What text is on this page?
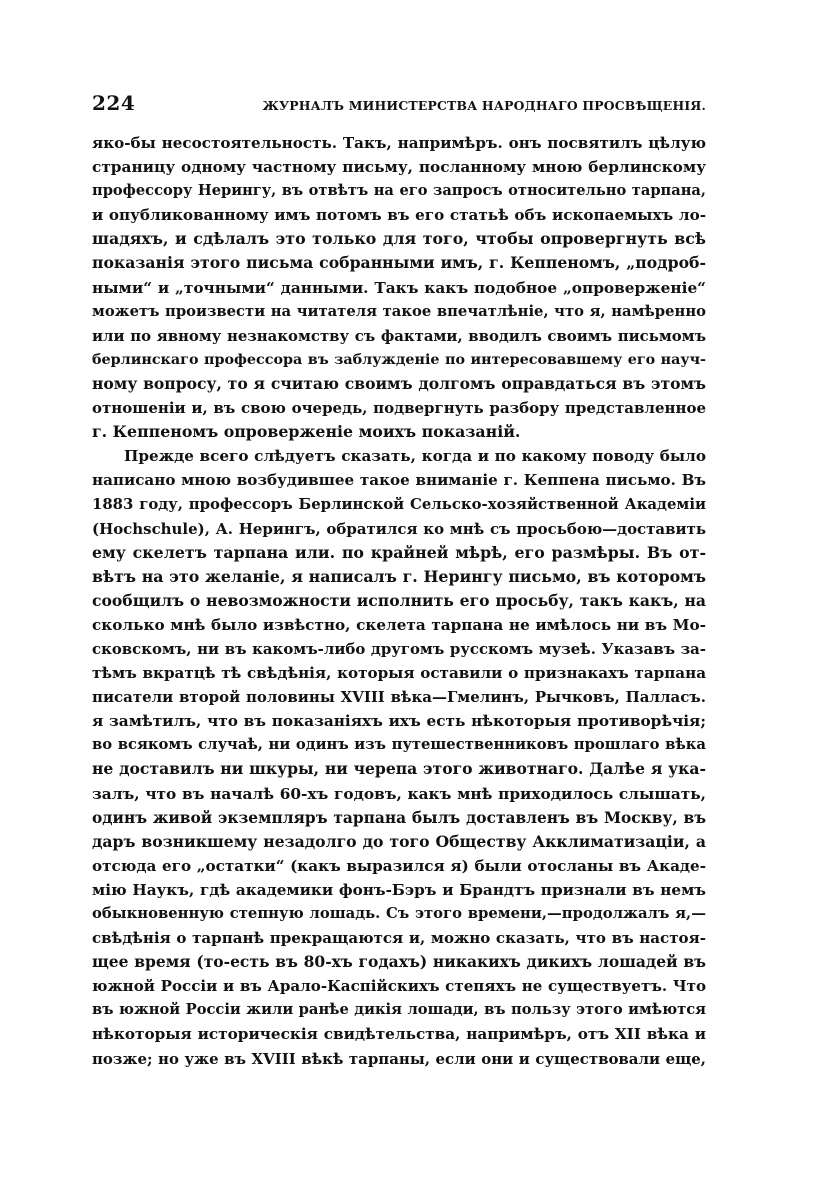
224	ЖУРНАЛЪ МИНИСТЕРСТВА НАРОДНАГО ПРОСВѢЩЕНІЯ.
яко-бы несостоятельность. Такъ, напримѣръ. онъ посвятилъ цѣлую
страницу одному частному письму, посланному мною берлинскому
профессору Нерингу, въ отвѣтъ на его запросъ относительно тарпана,
и опубликованному имъ потомъ въ его статьѣ объ ископаемыхъ ло-
шадяхъ, и сдѣлалъ это только для того, чтобы опровергнуть всѣ
показанія этого письма собранными имъ, г. Кеппеномъ, „подроб-
ными“ и „точными“ данными. Такъ какъ подобное „опроверженіе“
можетъ произвести на читателя такое впечатлѣніе, что я, намѣренно
или по явному незнакомству съ фактами, вводилъ своимъ письмомъ
берлинскаго профессора въ заблужденіе по интересовавшему его науч-
ному вопросу, то я считаю своимъ долгомъ оправдаться въ этомъ
отношеніи и, въ свою очередь, подвергнуть разбору представленное
г. Кеппеномъ опроверженіе моихъ показаній.
Прежде всего слѣдуетъ сказать, когда и по какому поводу было
написано мною возбудившее такое вниманіе г. Кеппена письмо. Въ
1883 году, профессоръ Берлинской Сельско-хозяйственной Академіи
(Hochschule), А. Нерингъ, обратился ко мнѣ съ просьбою—доставить
ему скелетъ тарпана или. по крайней мѣрѣ, его размѣры. Въ от-
вѣтъ на это желаніе, я написалъ г. Нерингу письмо, въ которомъ
сообщилъ о невозможности исполнить его просьбу, такъ какъ, на
сколько мнѣ было извѣстно, скелета тарпана не имѣлось ни въ Мо-
сковскомъ, ни въ какомъ-либо другомъ русскомъ музеѣ. Указавъ за-
тѣмъ вкратцѣ тѣ свѣдѣнія, которыя оставили о признакахъ тарпана
писатели второй половины XVIII вѣка—Гмелинъ, Рычковъ, Палласъ.
я замѣтилъ, что въ показаніяхъ ихъ есть нѣкоторыя противорѣчія;
во всякомъ случаѣ, ни одинъ изъ путешественниковъ прошлаго вѣка
не доставилъ ни шкуры, ни черепа этого животнаго. Далѣе я ука-
залъ, что въ началѣ 60-хъ годовъ, какъ мнѣ приходилось слышать,
одинъ живой экземпляръ тарпана былъ доставленъ въ Москву, въ
даръ возникшему незадолго до того Обществу Акклиматизаціи, а
отсюда его „остатки“ (какъ выразился я) были отосланы въ Акаде-
мію Наукъ, гдѣ академики фонъ-Бэръ и Брандтъ признали въ немъ
обыкновенную степную лошадь. Съ этого времени,—продолжалъ я,—
свѣдѣнія о тарпанѣ прекращаются и, можно сказать, что въ настоя-
щее время (то-есть въ 80-хъ годахъ) никакихъ дикихъ лошадей въ
южной Россіи и въ Арало-Каспійскихъ степяхъ не существуетъ. Что
въ южной Россіи жили ранѣе дикія лошади, въ пользу этого имѣются
нѣкоторыя историческія свидѣтельства, напримѣръ, отъ XII вѣка и
позже; но уже въ XVIII вѣкѣ тарпаны, если они и существовали еще,
